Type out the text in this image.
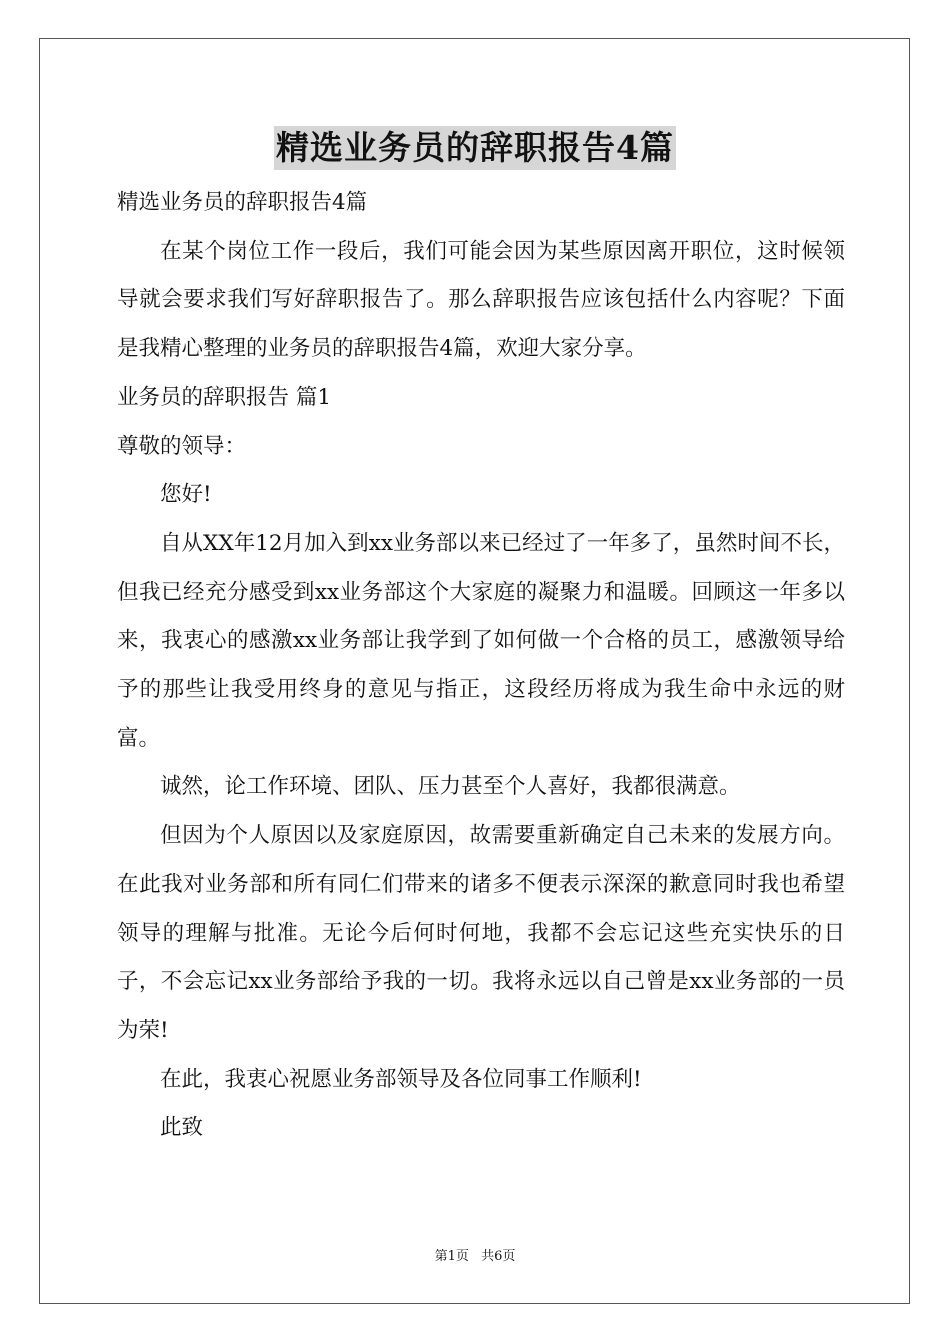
精选业务员的辞职报告4篇

精选业务员的辞职报告4篇

在某个岗位工作一段后，我们可能会因为某些原因离开职位，这时候领导就会要求我们写好辞职报告了。那么辞职报告应该包括什么内容呢？下面是我精心整理的业务员的辞职报告4篇，欢迎大家分享。

业务员的辞职报告 篇1

尊敬的领导：

您好!

自从XX年12月加入到xx业务部以来已经过了一年多了，虽然时间不长，但我已经充分感受到xx业务部这个大家庭的凝聚力和温暖。回顾这一年多以来，我衷心的感激xx业务部让我学到了如何做一个合格的员工，感激领导给予的那些让我受用终身的意见与指正，这段经历将成为我生命中永远的财富。

诚然，论工作环境、团队、压力甚至个人喜好，我都很满意。

但因为个人原因以及家庭原因，故需要重新确定自己未来的发展方向。在此我对业务部和所有同仁们带来的诸多不便表示深深的歉意同时我也希望领导的理解与批准。无论今后何时何地，我都不会忘记这些充实快乐的日子，不会忘记xx业务部给予我的一切。我将永远以自己曾是xx业务部的一员为荣!

在此，我衷心祝愿业务部领导及各位同事工作顺利!

此致

第1页 共6页
